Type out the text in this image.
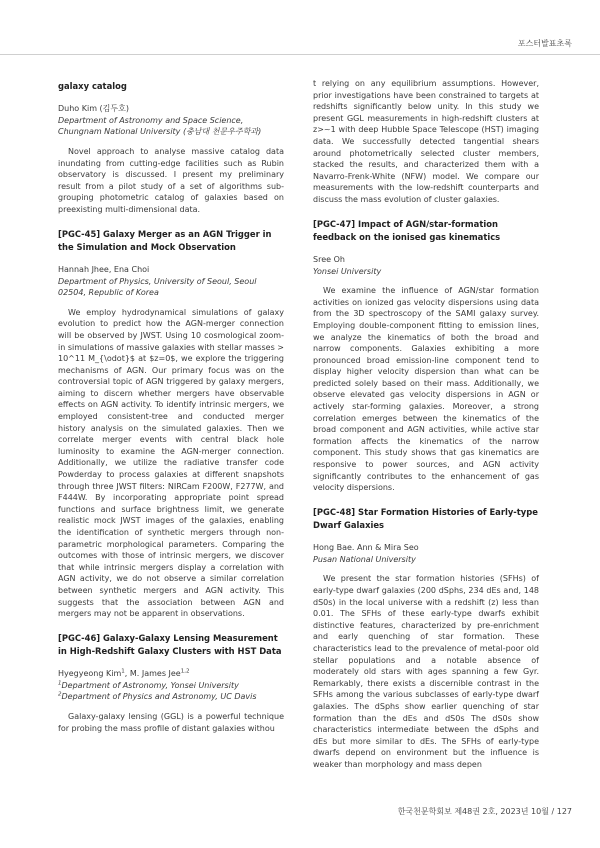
포스터발표초록
galaxy catalog
Duho Kim (김두호)
Department of Astronomy and Space Science,
Chungnam National University (충남대 천문우주학과)
Novel approach to analyse massive catalog data inundating from cutting-edge facilities such as Rubin observatory is discussed. I present my preliminary result from a pilot study of a set of algorithms sub-grouping photometric catalog of galaxies based on preexisting multi-dimensional data.
[PGC-45] Galaxy Merger as an AGN Trigger in the Simulation and Mock Observation
Hannah Jhee, Ena Choi
Department of Physics, University of Seoul, Seoul 02504, Republic of Korea
We employ hydrodynamical simulations of galaxy evolution to predict how the AGN-merger connection will be observed by JWST. Using 10 cosmological zoom-in simulations of massive galaxies with stellar masses > 10^11 M_{\odot}$ at $z=0$, we explore the triggering mechanisms of AGN. Our primary focus was on the controversial topic of AGN triggered by galaxy mergers, aiming to discern whether mergers have observable effects on AGN activity. To identify intrinsic mergers, we employed consistent-tree and conducted merger history analysis on the simulated galaxies. Then we correlate merger events with central black hole luminosity to examine the AGN-merger connection. Additionally, we utilize the radiative transfer code Powderday to process galaxies at different snapshots through three JWST filters: NIRCam F200W, F277W, and F444W. By incorporating appropriate point spread functions and surface brightness limit, we generate realistic mock JWST images of the galaxies, enabling the identification of synthetic mergers through non-parametric morphological parameters. Comparing the outcomes with those of intrinsic mergers, we discover that while intrinsic mergers display a correlation with AGN activity, we do not observe a similar correlation between synthetic mergers and AGN activity. This suggests that the association between AGN and mergers may not be apparent in observations.
[PGC-46] Galaxy-Galaxy Lensing Measurement in High-Redshift Galaxy Clusters with HST Data
Hyegyeong Kim$^1$, M. James Jee$^{1,2}$
$^1$Department of Astronomy, Yonsei University
$^2$Department of Physics and Astronomy, UC Davis
Galaxy-galaxy lensing (GGL) is a powerful technique for probing the mass profile of distant galaxies withou
t relying on any equilibrium assumptions. However, prior investigations have been constrained to targets at redshifts significantly below unity. In this study we present GGL measurements in high-redshift clusters at z>~1 with deep Hubble Space Telescope (HST) imaging data. We successfully detected tangential shears around photometrically selected cluster members, stacked the results, and characterized them with a Navarro-Frenk-White (NFW) model. We compare our measurements with the low-redshift counterparts and discuss the mass evolution of cluster galaxies.
[PGC-47] Impact of AGN/star-formation feedback on the ionised gas kinematics
Sree Oh
Yonsei University
We examine the influence of AGN/star formation activities on ionized gas velocity dispersions using data from the 3D spectroscopy of the SAMI galaxy survey. Employing double-component fitting to emission lines, we analyze the kinematics of both the broad and narrow components. Galaxies exhibiting a more pronounced broad emission-line component tend to display higher velocity dispersion than what can be predicted solely based on their mass. Additionally, we observe elevated gas velocity dispersions in AGN or actively star-forming galaxies. Moreover, a strong correlation emerges between the kinematics of the broad component and AGN activities, while active star formation affects the kinematics of the narrow component. This study shows that gas kinematics are responsive to power sources, and AGN activity significantly contributes to the enhancement of gas velocity dispersions.
[PGC-48] Star Formation Histories of Early-type Dwarf Galaxies
Hong Bae. Ann & Mira Seo
Pusan National University
We present the star formation histories (SFHs) of early-type dwarf galaxies (200 dSphs, 234 dEs and, 148 dS0s) in the local universe with a redshift (z) less than 0.01. The SFHs of these early-type dwarfs exhibit distinctive features, characterized by pre-enrichment and early quenching of star formation. These characteristics lead to the prevalence of metal-poor old stellar populations and a notable absence of moderately old stars with ages spanning a few Gyr. Remarkably, there exists a discernible contrast in the SFHs among the various subclasses of early-type dwarf galaxies. The dSphs show earlier quenching of star formation than the dEs and dS0s The dS0s show characteristics intermediate between the dSphs and dEs but more similar to dEs. The SFHs of early-type dwarfs depend on environment but the influence is weaker than morphology and mass depen
한국천문학회보 제48권 2호, 2023년 10월 / 127
